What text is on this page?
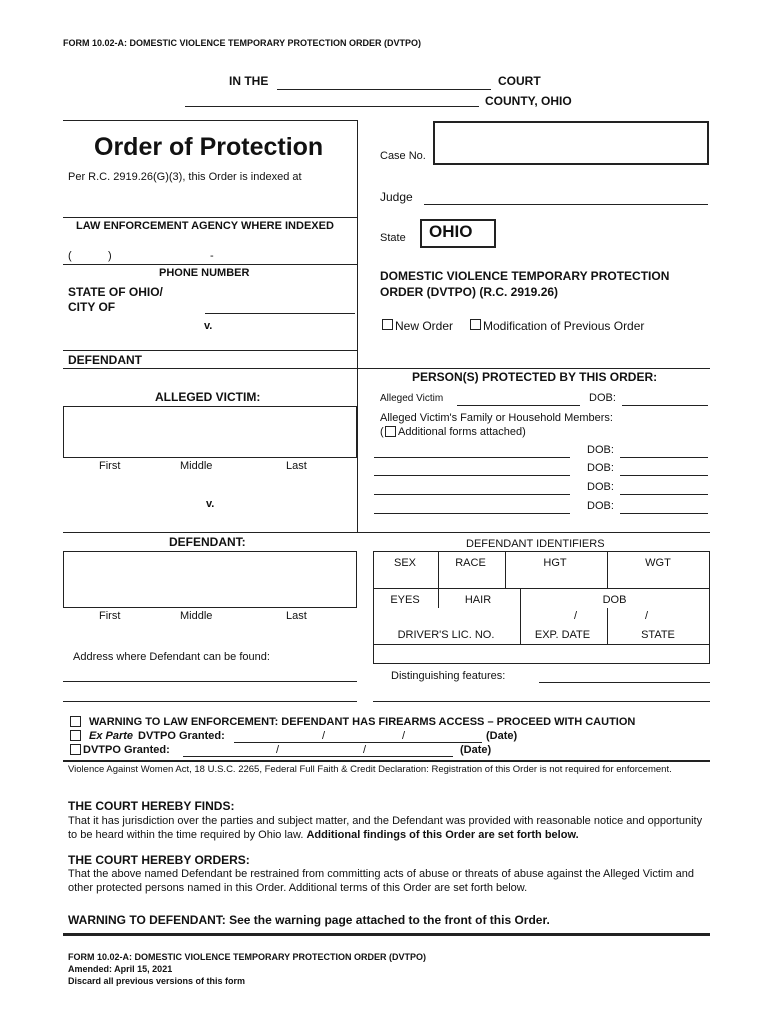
FORM 10.02-A: DOMESTIC VIOLENCE TEMPORARY PROTECTION ORDER (DVTPO)
IN THE	COURT
COUNTY, OHIO
Order of Protection
Per R.C. 2919.26(G)(3), this Order is indexed at
LAW ENFORCEMENT AGENCY WHERE INDEXED
(	)	-
PHONE NUMBER
STATE OF OHIO/
CITY OF
v.
DEFENDANT
ALLEGED VICTIM:
First	Middle	Last
v.
DEFENDANT:
First	Middle	Last
Address where Defendant can be found:
Case No.
Judge
State OHIO
DOMESTIC VIOLENCE TEMPORARY PROTECTION
ORDER (DVTPO) (R.C. 2919.26)
New Order Modification of Previous Order
PERSON(S) PROTECTED BY THIS ORDER:
Alleged Victim	DOB:
Alleged Victim's Family or Household Members:
( Additional forms attached)
DOB:
DOB:
DOB:
DOB:
DEFENDANT IDENTIFIERS
SEX	RACE	HGT	WGT
EYES	HAIR	DOB
/	/
DRIVER'S LIC. NO.	EXP. DATE	STATE
Distinguishing features:
WARNING TO LAW ENFORCEMENT: DEFENDANT HAS FIREARMS ACCESS – PROCEED WITH CAUTION
Ex Parte DVTPO Granted:	/	/	(Date)
DVTPO Granted:	/	/	(Date)
Violence Against Women Act, 18 U.S.C. 2265, Federal Full Faith & Credit Declaration: Registration of this Order is not required for enforcement.
THE COURT HEREBY FINDS:
That it has jurisdiction over the parties and subject matter, and the Defendant was provided with reasonable notice and opportunity to be heard within the time required by Ohio law. Additional findings of this Order are set forth below.
THE COURT HEREBY ORDERS:
That the above named Defendant be restrained from committing acts of abuse or threats of abuse against the Alleged Victim and other protected persons named in this Order. Additional terms of this Order are set forth below.
WARNING TO DEFENDANT: See the warning page attached to the front of this Order.
FORM 10.02-A: DOMESTIC VIOLENCE TEMPORARY PROTECTION ORDER (DVTPO)
Amended: April 15, 2021
Discard all previous versions of this form
